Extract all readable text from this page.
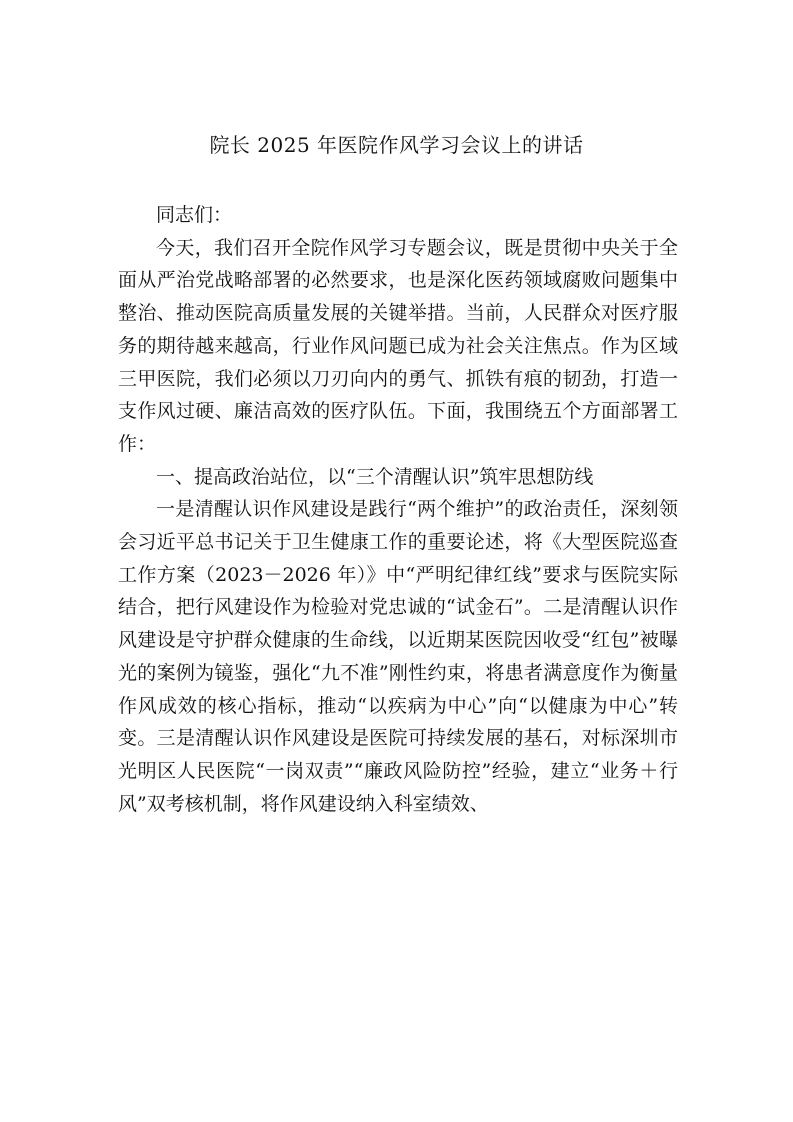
院长 2025 年医院作风学习会议上的讲话

同志们：

今天，我们召开全院作风学习专题会议，既是贯彻中央关于全面从严治党战略部署的必然要求，也是深化医药领域腐败问题集中整治、推动医院高质量发展的关键举措。当前，人民群众对医疗服务的期待越来越高，行业作风问题已成为社会关注焦点。作为区域三甲医院，我们必须以刀刃向内的勇气、抓铁有痕的韧劲，打造一支作风过硬、廉洁高效的医疗队伍。下面，我围绕五个方面部署工作：

一、提高政治站位，以“三个清醒认识”筑牢思想防线

一是清醒认识作风建设是践行“两个维护”的政治责任，深刻领会习近平总书记关于卫生健康工作的重要论述，将《大型医院巡查工作方案（2023－2026 年）》中“严明纪律红线”要求与医院实际结合，把行风建设作为检验对党忠诚的“试金石”。二是清醒认识作风建设是守护群众健康的生命线，以近期某医院因收受“红包”被曝光的案例为镜鉴，强化“九不准”刚性约束，将患者满意度作为衡量作风成效的核心指标，推动“以疾病为中心”向“以健康为中心”转变。三是清醒认识作风建设是医院可持续发展的基石，对标深圳市光明区人民医院“一岗双责”“廉政风险防控”经验，建立“业务＋行风”双考核机制，将作风建设纳入科室绩效、
